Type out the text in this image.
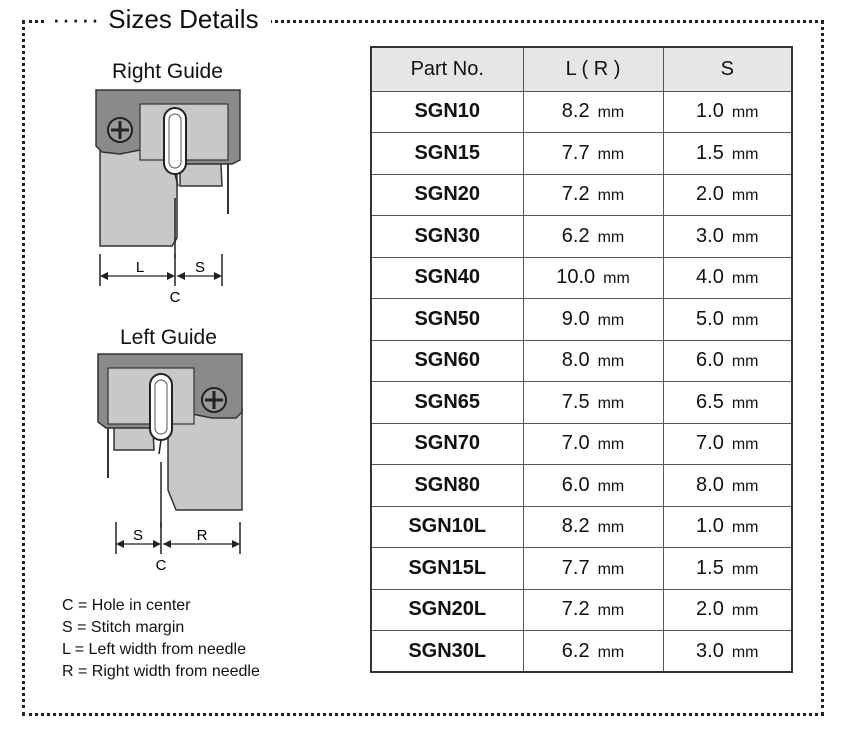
····· Sizes Details
Right Guide
L	S
C
Left Guide
S	R
C
C = Hole in center
S = Stitch margin
L = Left width from needle
R = Right width from needle
Part No.	L ( R )	S
SGN10	8.2 mm	1.0 mm
SGN15	7.7 mm	1.5 mm
SGN20	7.2 mm	2.0 mm
SGN30	6.2 mm	3.0 mm
SGN40	10.0 mm	4.0 mm
SGN50	9.0 mm	5.0 mm
SGN60	8.0 mm	6.0 mm
SGN65	7.5 mm	6.5 mm
SGN70	7.0 mm	7.0 mm
SGN80	6.0 mm	8.0 mm
SGN10L	8.2 mm	1.0 mm
SGN15L	7.7 mm	1.5 mm
SGN20L	7.2 mm	2.0 mm
SGN30L	6.2 mm	3.0 mm
